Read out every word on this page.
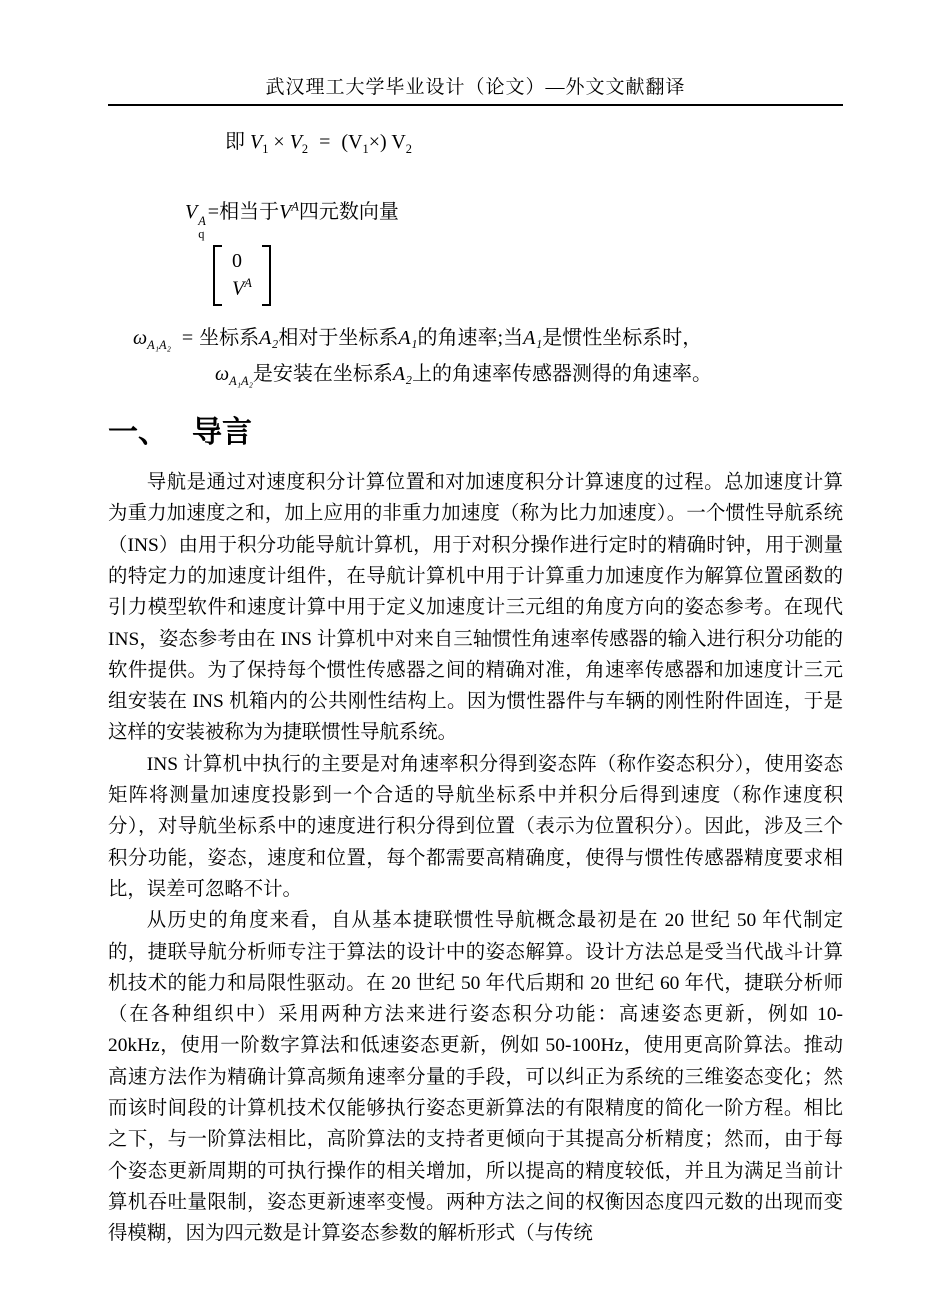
武汉理工大学毕业设计（论文）—外文文献翻译
即 $V_1 \times V_2 = (V_1\times)$ $V_2$
V A
q
=相当于$V^A$四元数向量
0
$V^A$
$\omega_{A_1A_2}$ = 坐标系A₂相对于坐标系A₁的角速率;当A₁是惯性坐标系时，
$\omega_{A_1A_2}$是安装在坐标系A₂上的角速率传感器测得的角速率。
一、 导言

导航是通过对速度积分计算位置和对加速度积分计算速度的过程。总加速度计算为重力加速度之和，加上应用的非重力加速度（称为比力加速度）。一个惯性导航系统（INS）由用于积分功能导航计算机，用于对积分操作进行定时的精确时钟，用于测量的特定力的加速度计组件，在导航计算机中用于计算重力加速度作为解算位置函数的引力模型软件和速度计算中用于定义加速度计三元组的角度方向的姿态参考。在现代 INS，姿态参考由在 INS 计算机中对来自三轴惯性角速率传感器的输入进行积分功能的软件提供。为了保持每个惯性传感器之间的精确对准，角速率传感器和加速度计三元组安装在 INS 机箱内的公共刚性结构上。因为惯性器件与车辆的刚性附件固连，于是这样的安装被称为为捷联惯性导航系统。

INS 计算机中执行的主要是对角速率积分得到姿态阵（称作姿态积分），使用姿态矩阵将测量加速度投影到一个合适的导航坐标系中并积分后得到速度（称作速度积分），对导航坐标系中的速度进行积分得到位置（表示为位置积分）。因此，涉及三个积分功能，姿态，速度和位置，每个都需要高精确度，使得与惯性传感器精度要求相比，误差可忽略不计。

从历史的角度来看，自从基本捷联惯性导航概念最初是在 20 世纪 50 年代制定的，捷联导航分析师专注于算法的设计中的姿态解算。设计方法总是受当代战斗计算机技术的能力和局限性驱动。在 20 世纪 50 年代后期和 20 世纪 60 年代，捷联分析师（在各种组织中）采用两种方法来进行姿态积分功能：高速姿态更新，例如 10-20kHz，使用一阶数字算法和低速姿态更新，例如 50-100Hz，使用更高阶算法。推动高速方法作为精确计算高频角速率分量的手段，可以纠正为系统的三维姿态变化；然而该时间段的计算机技术仅能够执行姿态更新算法的有限精度的简化一阶方程。相比之下，与一阶算法相比，高阶算法的支持者更倾向于其提高分析精度；然而，由于每个姿态更新周期的可执行操作的相关增加，所以提高的精度较低，并且为满足当前计算机吞吐量限制，姿态更新速率变慢。两种方法之间的权衡因态度四元数的出现而变得模糊，因为四元数是计算姿态参数的解析形式（与传统
